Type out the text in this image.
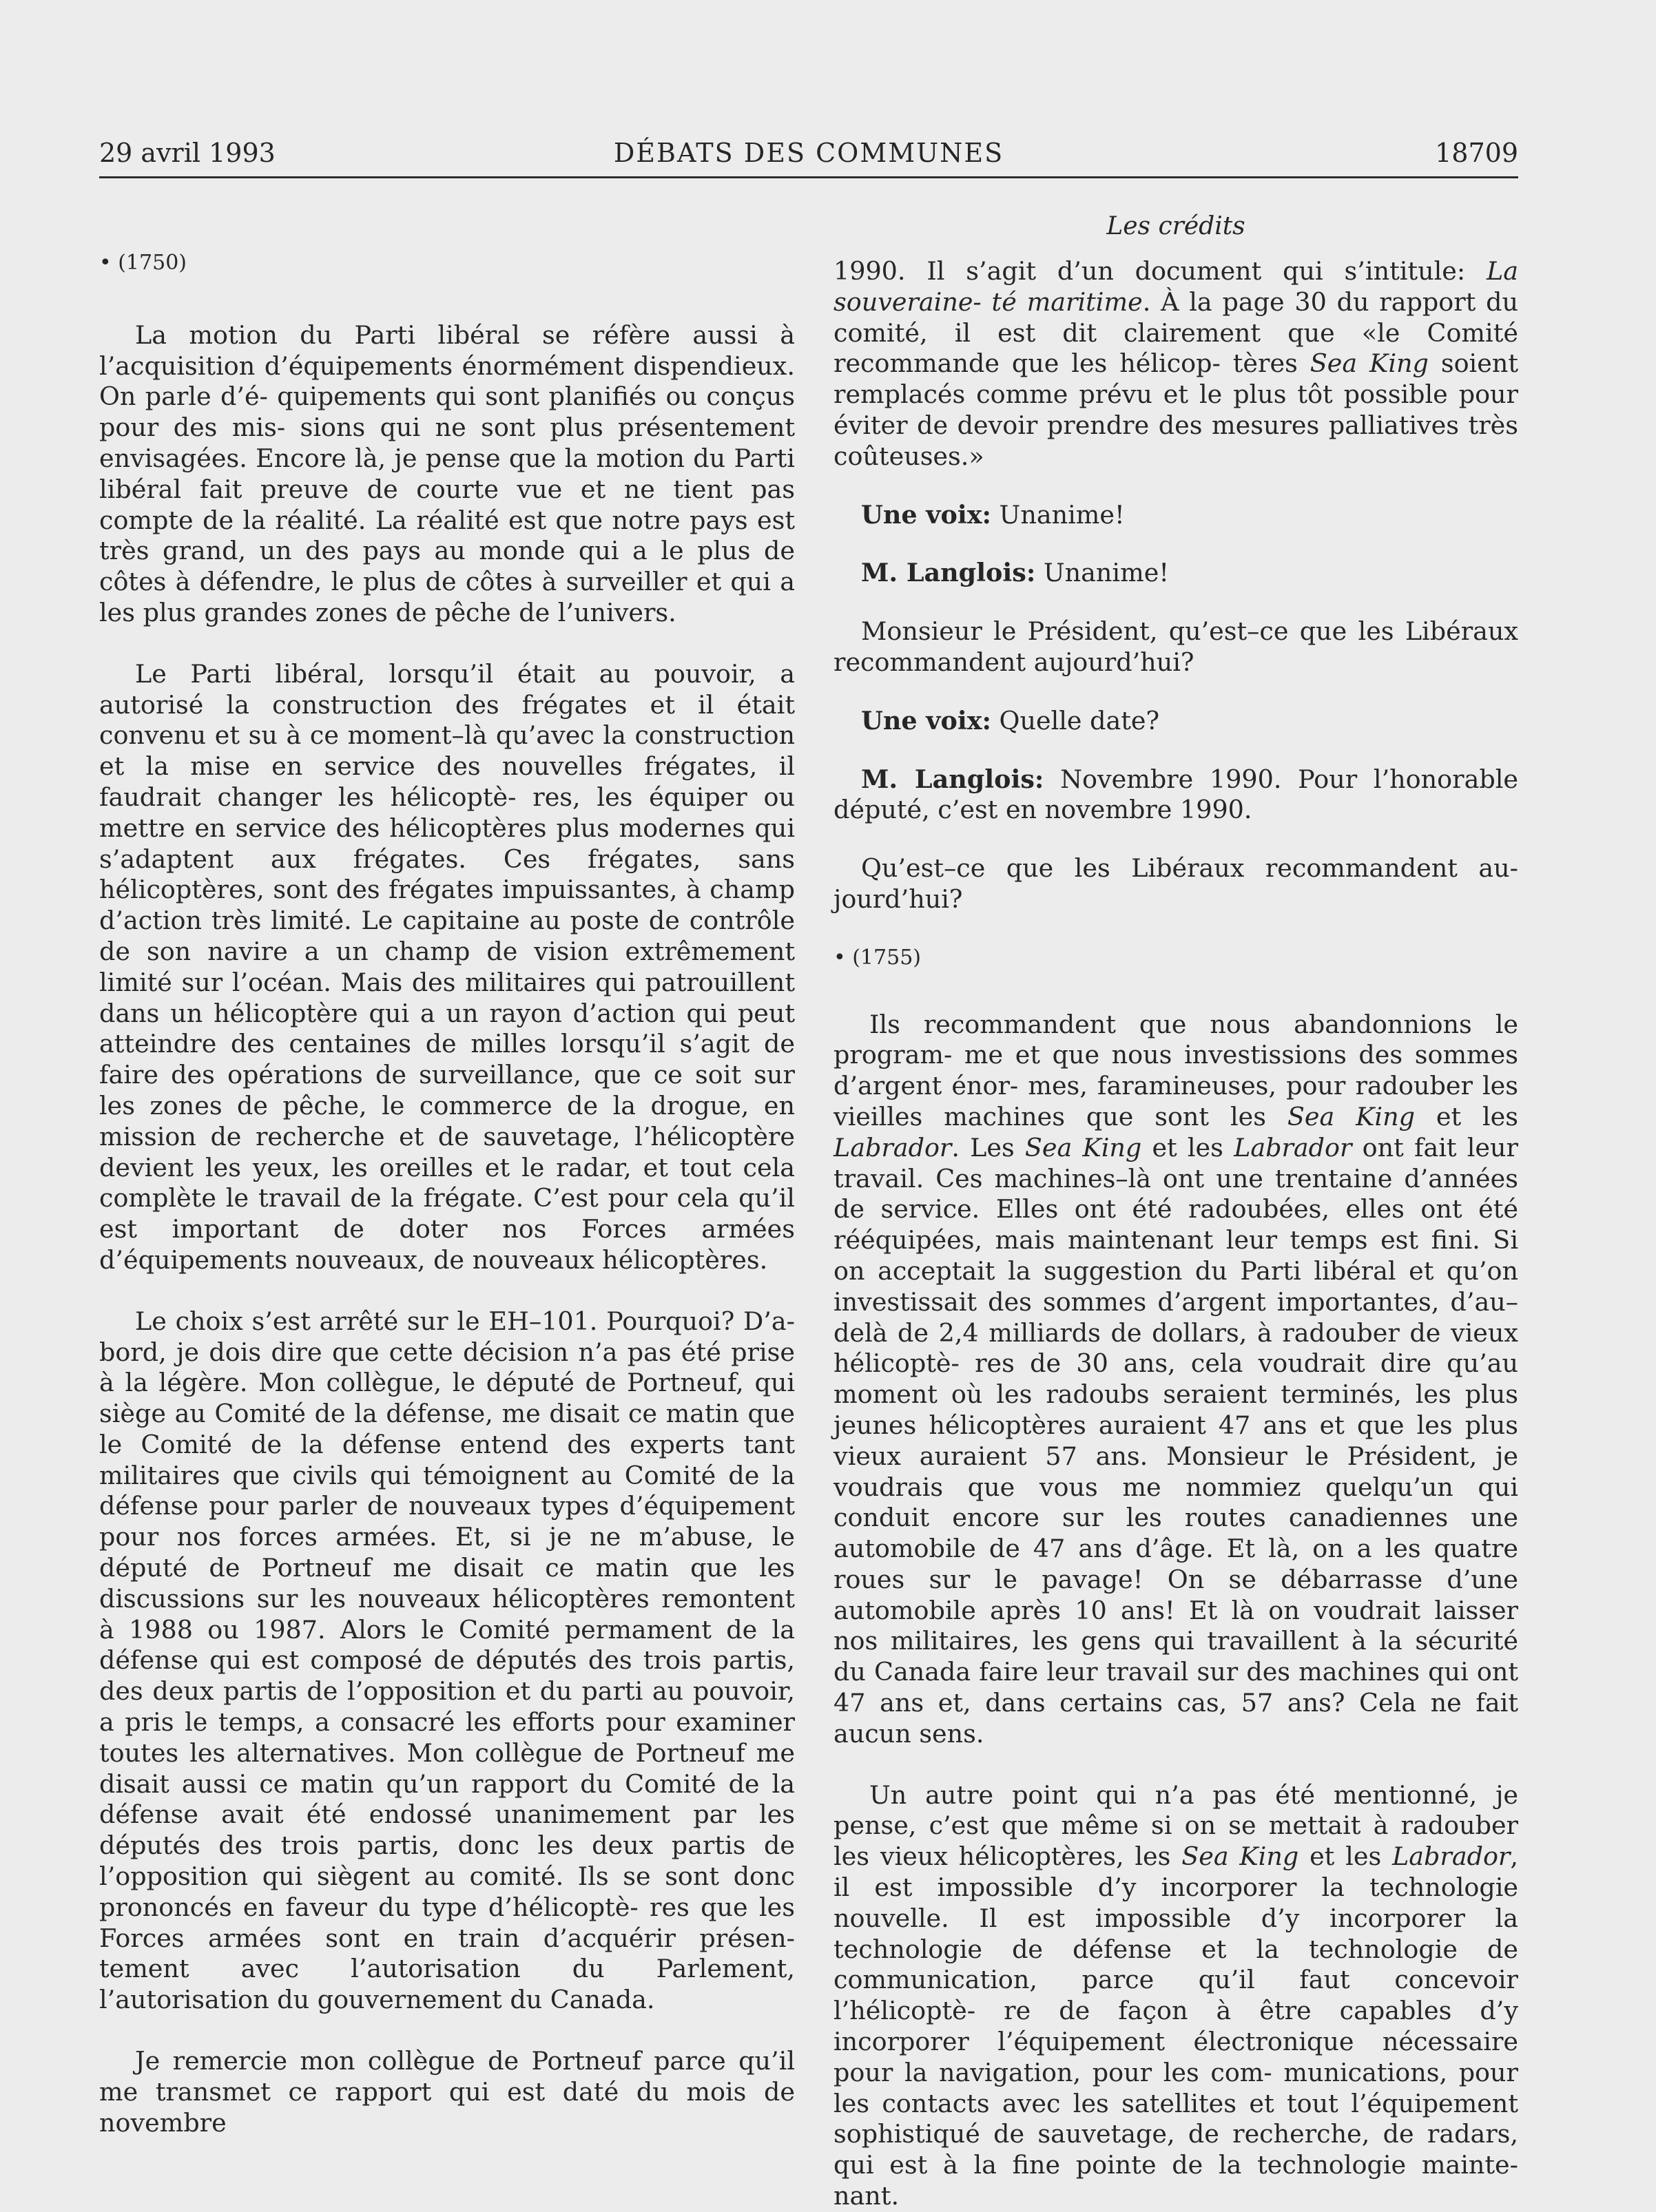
29 avril 1993	DÉBATS DES COMMUNES	18709
Les crédits
• (1750)

La motion du Parti libéral se réfère aussi à l’acquisition d’équipements énormément dispendieux. On parle d’é- quipements qui sont planifiés ou conçus pour des mis- sions qui ne sont plus présentement envisagées. Encore là, je pense que la motion du Parti libéral fait preuve de courte vue et ne tient pas compte de la réalité. La réalité est que notre pays est très grand, un des pays au monde qui a le plus de côtes à défendre, le plus de côtes à surveiller et qui a les plus grandes zones de pêche de l’univers.

Le Parti libéral, lorsqu’il était au pouvoir, a autorisé la construction des frégates et il était convenu et su à ce moment–là qu’avec la construction et la mise en service des nouvelles frégates, il faudrait changer les hélicoptè- res, les équiper ou mettre en service des hélicoptères plus modernes qui s’adaptent aux frégates. Ces frégates, sans hélicoptères, sont des frégates impuissantes, à champ d’action très limité. Le capitaine au poste de contrôle de son navire a un champ de vision extrêmement limité sur l’océan. Mais des militaires qui patrouillent dans un hélicoptère qui a un rayon d’action qui peut atteindre des centaines de milles lorsqu’il s’agit de faire des opérations de surveillance, que ce soit sur les zones de pêche, le commerce de la drogue, en mission de recherche et de sauvetage, l’hélicoptère devient les yeux, les oreilles et le radar, et tout cela complète le travail de la frégate. C’est pour cela qu’il est important de doter nos Forces armées d’équipements nouveaux, de nouveaux hélicoptères.

Le choix s’est arrêté sur le EH–101. Pourquoi? D’a- bord, je dois dire que cette décision n’a pas été prise à la légère. Mon collègue, le député de Portneuf, qui siège au Comité de la défense, me disait ce matin que le Comité de la défense entend des experts tant militaires que civils qui témoignent au Comité de la défense pour parler de nouveaux types d’équipement pour nos forces armées. Et, si je ne m’abuse, le député de Portneuf me disait ce matin que les discussions sur les nouveaux hélicoptères remontent à 1988 ou 1987. Alors le Comité permament de la défense qui est composé de députés des trois partis, des deux partis de l’opposition et du parti au pouvoir, a pris le temps, a consacré les efforts pour examiner toutes les alternatives. Mon collègue de Portneuf me disait aussi ce matin qu’un rapport du Comité de la défense avait été endossé unanimement par les députés des trois partis, donc les deux partis de l’opposition qui siègent au comité. Ils se sont donc prononcés en faveur du type d’hélicoptè- res que les Forces armées sont en train d’acquérir présen- tement avec l’autorisation du Parlement, l’autorisation du gouvernement du Canada.

Je remercie mon collègue de Portneuf parce qu’il me transmet ce rapport qui est daté du mois de novembre

1990. Il s’agit d’un document qui s’intitule: La souveraine- té maritime. À la page 30 du rapport du comité, il est dit clairement que «le Comité recommande que les hélicop- tères Sea King soient remplacés comme prévu et le plus tôt possible pour éviter de devoir prendre des mesures palliatives très coûteuses.»

Une voix: Unanime!

M. Langlois: Unanime!

Monsieur le Président, qu’est–ce que les Libéraux recommandent aujourd’hui?

Une voix: Quelle date?

M. Langlois: Novembre 1990. Pour l’honorable député, c’est en novembre 1990.

Qu’est–ce que les Libéraux recommandent au- jourd’hui?

• (1755)

Ils recommandent que nous abandonnions le program- me et que nous investissions des sommes d’argent énor- mes, faramineuses, pour radouber les vieilles machines que sont les Sea King et les Labrador. Les Sea King et les Labrador ont fait leur travail. Ces machines–là ont une trentaine d’années de service. Elles ont été radoubées, elles ont été rééquipées, mais maintenant leur temps est fini. Si on acceptait la suggestion du Parti libéral et qu’on investissait des sommes d’argent importantes, d’au–delà de 2,4 milliards de dollars, à radouber de vieux hélicoptè- res de 30 ans, cela voudrait dire qu’au moment où les radoubs seraient terminés, les plus jeunes hélicoptères auraient 47 ans et que les plus vieux auraient 57 ans. Monsieur le Président, je voudrais que vous me nommiez quelqu’un qui conduit encore sur les routes canadiennes une automobile de 47 ans d’âge. Et là, on a les quatre roues sur le pavage! On se débarrasse d’une automobile après 10 ans! Et là on voudrait laisser nos militaires, les gens qui travaillent à la sécurité du Canada faire leur travail sur des machines qui ont 47 ans et, dans certains cas, 57 ans? Cela ne fait aucun sens.

Un autre point qui n’a pas été mentionné, je pense, c’est que même si on se mettait à radouber les vieux hélicoptères, les Sea King et les Labrador, il est impossible d’y incorporer la technologie nouvelle. Il est impossible d’y incorporer la technologie de défense et la technologie de communication, parce qu’il faut concevoir l’hélicoptè- re de façon à être capables d’y incorporer l’équipement électronique nécessaire pour la navigation, pour les com- munications, pour les contacts avec les satellites et tout l’équipement sophistiqué de sauvetage, de recherche, de radars, qui est à la fine pointe de la technologie mainte- nant.
